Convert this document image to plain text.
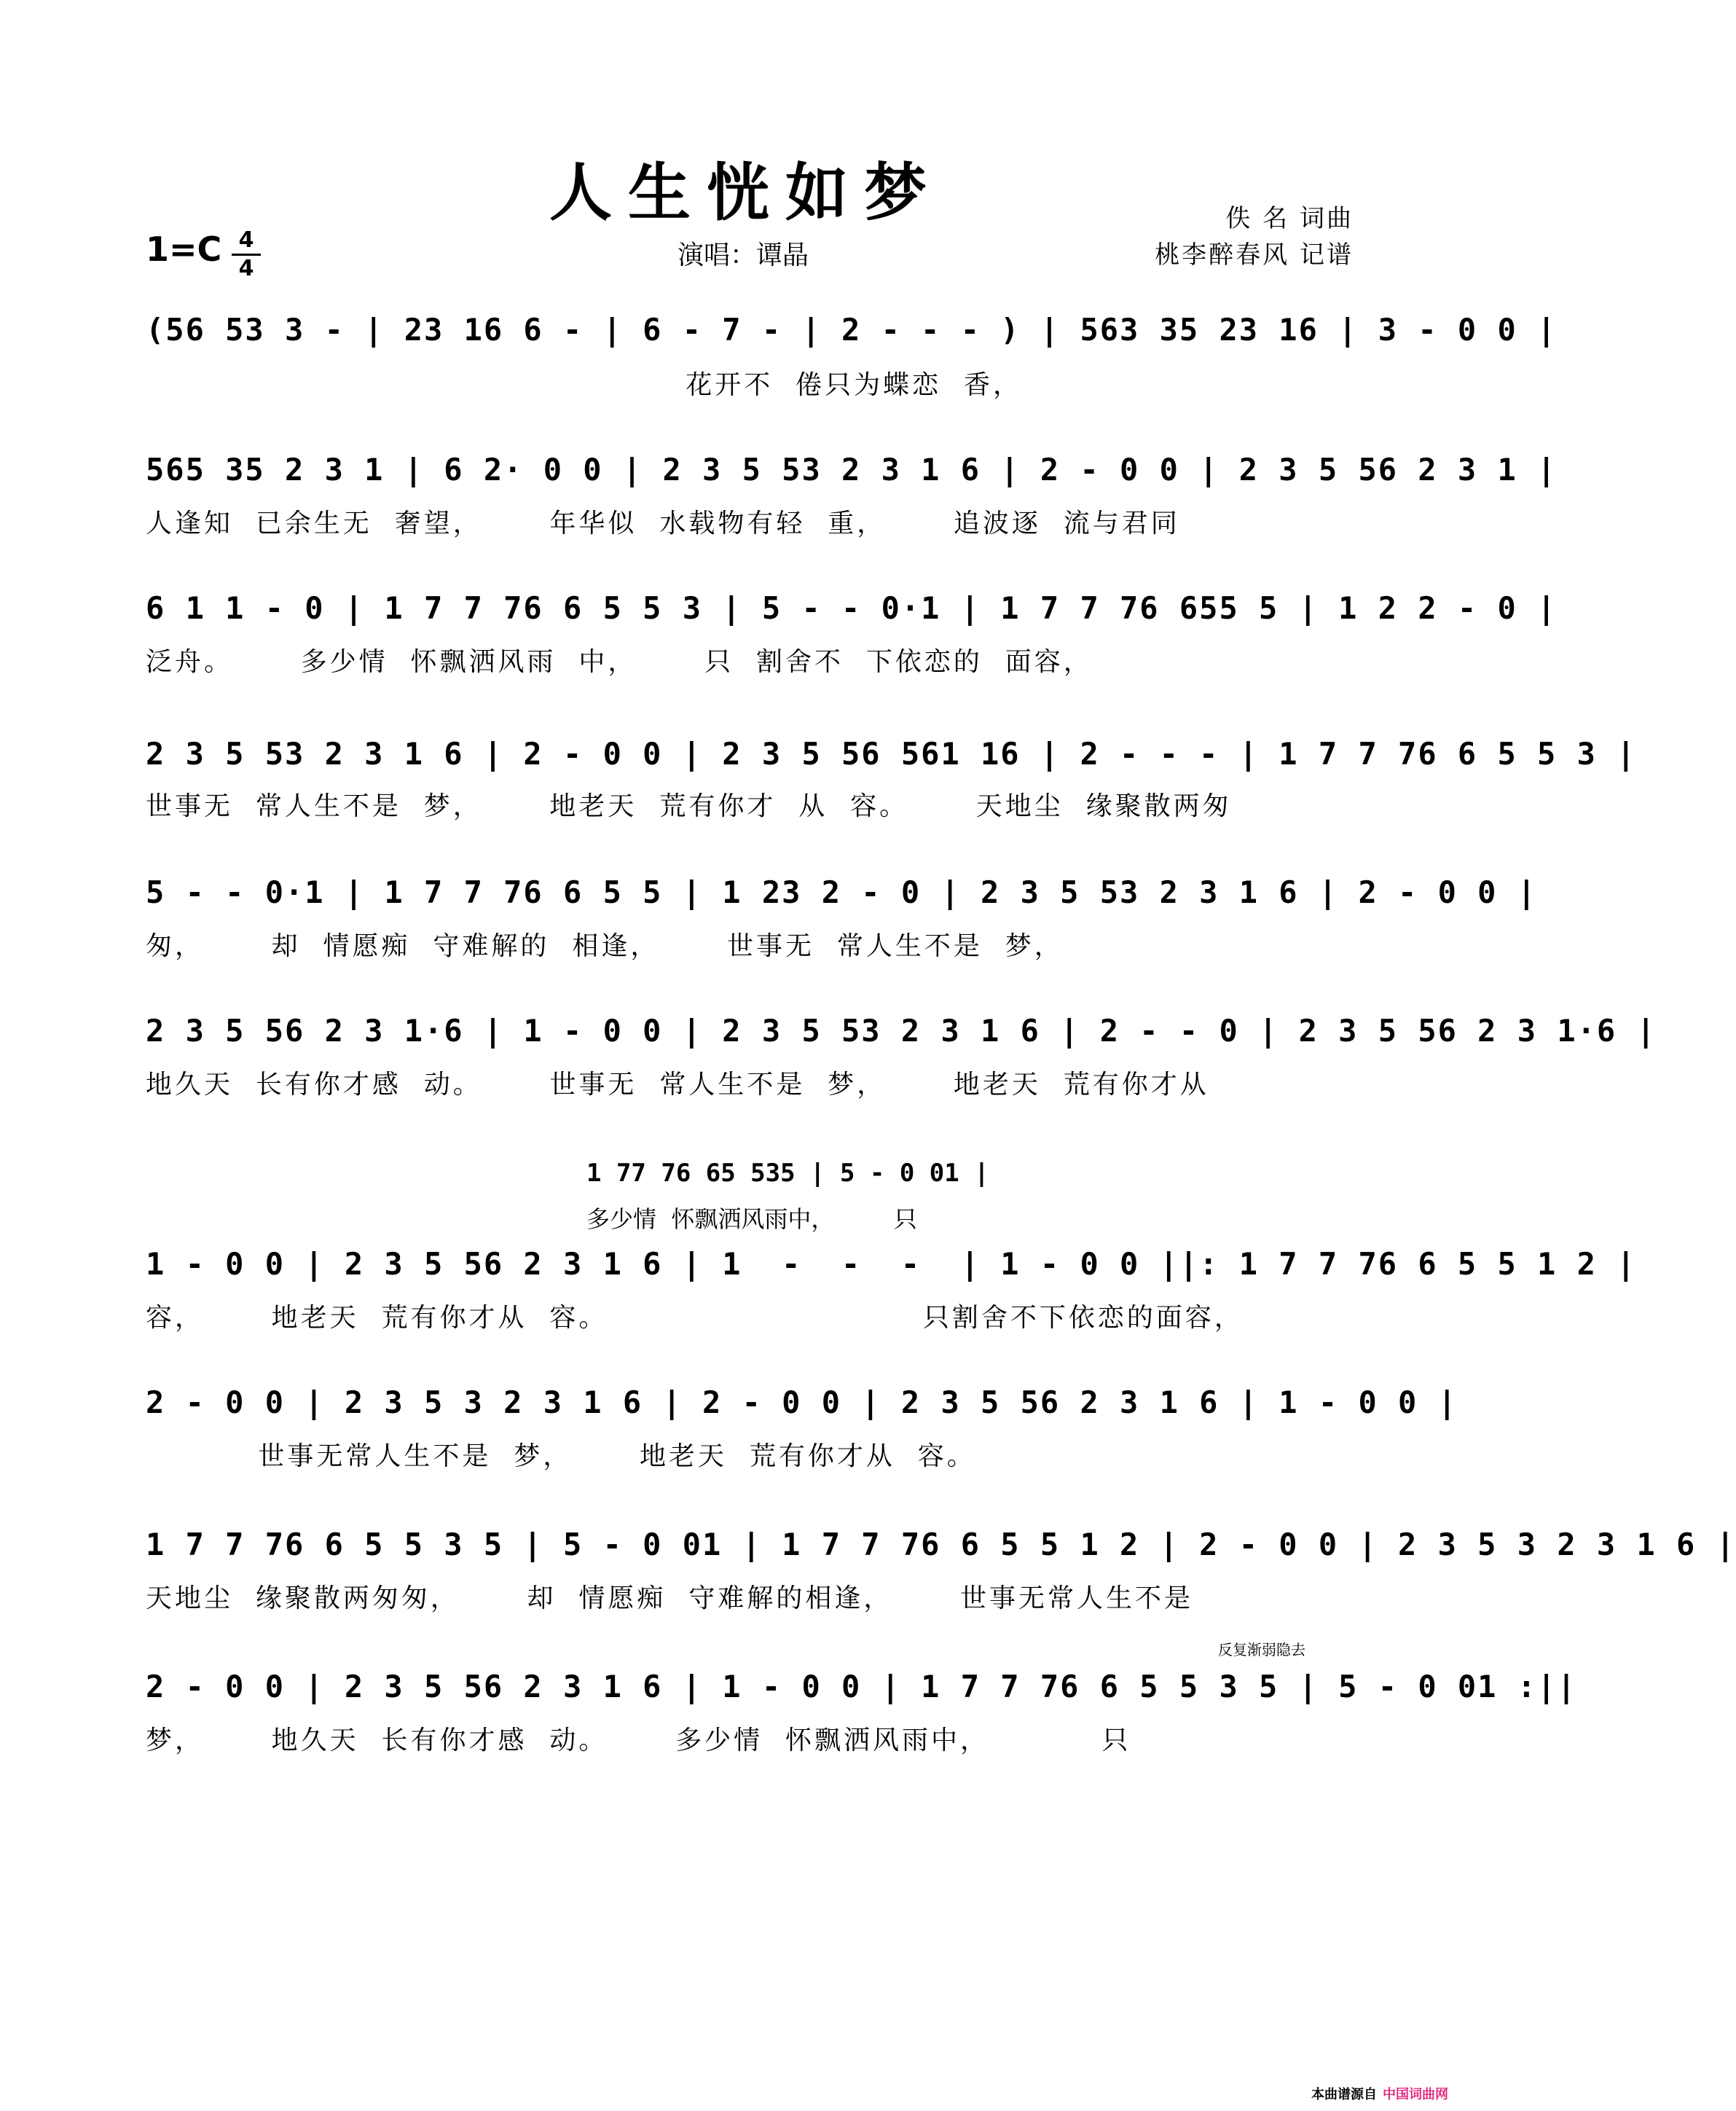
人生恍如梦
1=C 4
4	演唱：谭晶
佚 名 词曲
桃李醉春风 记谱
(56 53 3 - | 23 16 6 - | 6 - 7 - | 2 - - - ) | 563 35 23 16 | 3 - 0 0 |
花开不  倦只为蝶恋  香，
565 35 2 3 1 | 6 2· 0 0 | 2 3 5 53 2 3 1 6 | 2 - 0 0 | 2 3 5 56 2 3 1 |
人逢知  已余生无  奢望，      年华似  水载物有轻  重，      追波逐  流与君同
6 1 1 - 0 | 1 7 7 76 6 5 5 3 | 5 - - 0·1 | 1 7 7 76 655 5 | 1 2 2 - 0 |
泛舟。      多少情  怀飘洒风雨  中，      只  割舍不  下依恋的  面容，
2 3 5 53 2 3 1 6 | 2 - 0 0 | 2 3 5 56 561 16 | 2 - - - | 1 7 7 76 6 5 5 3 |
世事无  常人生不是  梦，      地老天  荒有你才  从  容。      天地尘  缘聚散两匆
5 - - 0·1 | 1 7 7 76 6 5 5 | 1 23 2 - 0 | 2 3 5 53 2 3 1 6 | 2 - 0 0 |
匆，      却  情愿痴  守难解的  相逢，      世事无  常人生不是  梦，
2 3 5 56 2 3 1·6 | 1 - 0 0 | 2 3 5 53 2 3 1 6 | 2 - - 0 | 2 3 5 56 2 3 1·6 |
地久天  长有你才感  动。      世事无  常人生不是  梦，      地老天  荒有你才从
1 77 76 65 535 | 5 - 0 01 |
多少情  怀飘洒风雨中，        只
1 - 0 0 | 2 3 5 56 2 3 1 6 | 1  -  -  -  | 1 - 0 0 ||: 1 7 7 76 6 5 5 1 2 |
容，      地老天  荒有你才从  容。                            只割舍不下依恋的面容，
2 - 0 0 | 2 3 5 3 2 3 1 6 | 2 - 0 0 | 2 3 5 56 2 3 1 6 | 1 - 0 0 |
世事无常人生不是  梦，      地老天  荒有你才从  容。
1 7 7 76 6 5 5 3 5 | 5 - 0 01 | 1 7 7 76 6 5 5 1 2 | 2 - 0 0 | 2 3 5 3 2 3 1 6 |
天地尘  缘聚散两匆匆，      却  情愿痴  守难解的相逢，      世事无常人生不是
反复渐弱隐去
2 - 0 0 | 2 3 5 56 2 3 1 6 | 1 - 0 0 | 1 7 7 76 6 5 5 3 5 | 5 - 0 01 :||
梦，      地久天  长有你才感  动。      多少情  怀飘洒风雨中，          只
本曲谱源自 中国词曲网
